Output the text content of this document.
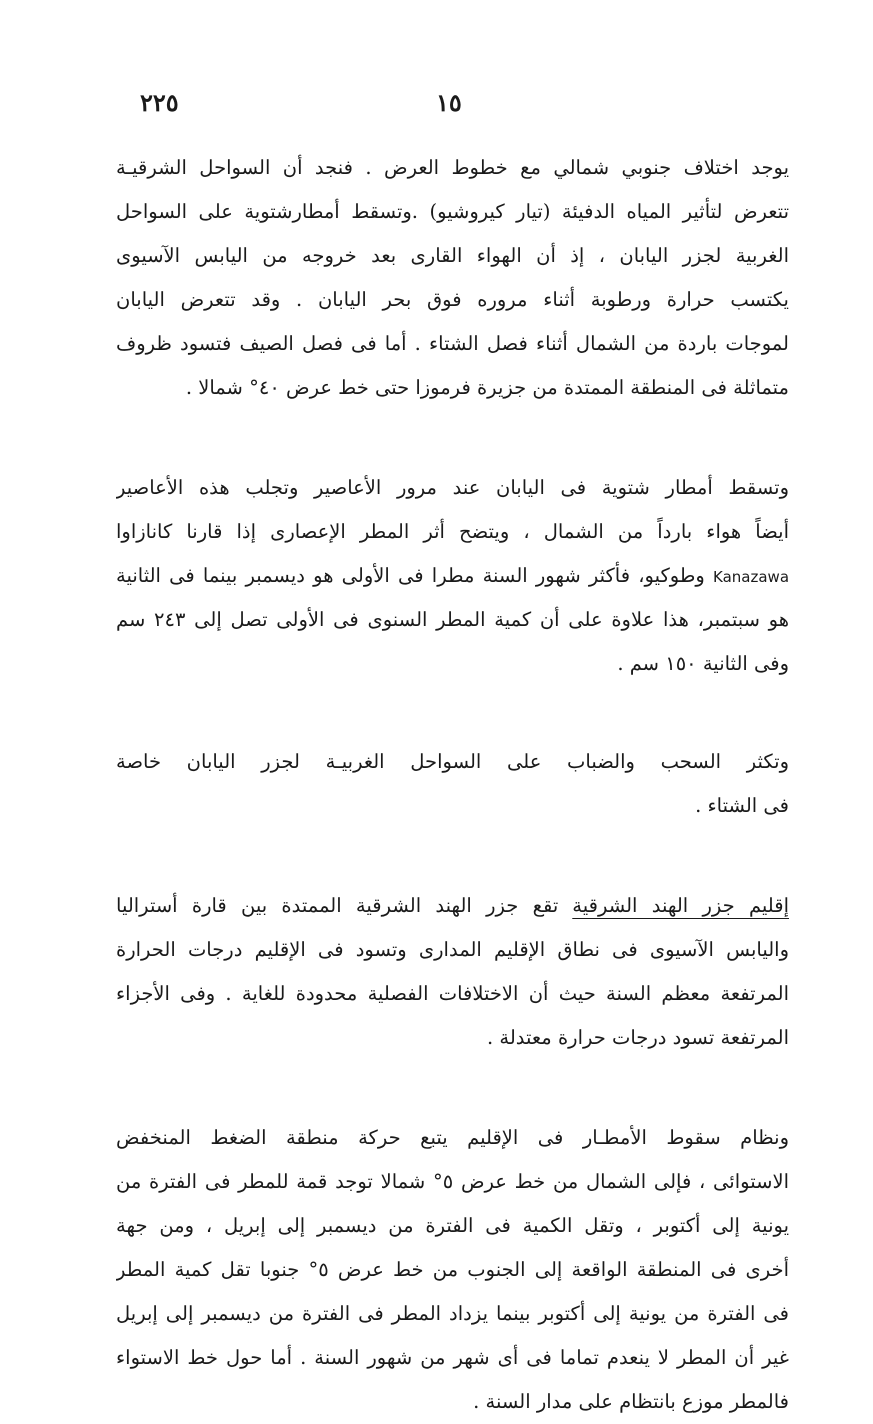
٢٢٥	١٥
يوجد اختلاف جنوبي شمالي مع خطوط العرض . فنجد أن السواحل الشرقيـة
تتعرض لتأثير المياه الدفيئة (تيار كيروشيو) .وتسقط أمطارشتوية على السواحل
الغربية لجزر اليابان ، إذ أن الهواء القارى بعد خروجه من اليابس الآسيوى
يكتسب حرارة ورطوبة أثناء مروره فوق بحر اليابان . وقد تتعرض اليابان
لموجات باردة من الشمال أثناء فصل الشتاء . أما فى فصل الصيف فتسود ظروف
متماثلة فى المنطقة الممتدة من جزيرة فرموزا حتى خط عرض ٤٠° شمالا .
وتسقط أمطار شتوية فى اليابان عند مرور الأعاصير وتجلب هذه الأعاصير
أيضاً هواء بارداً من الشمال ، ويتضح أثر المطر الإعصارى إذا قارنا كانازاوا
Kanazawa وطوكيو، فأكثر شهور السنة مطرا فى الأولى هو ديسمبر بينما فى الثانية
هو سبتمبر، هذا علاوة على أن كمية المطر السنوى فى الأولى تصل إلى ٢٤٣ سم
وفى الثانية ١٥٠ سم .
وتكثر السحب والضباب على السواحل الغربيـة لجزر اليابان خاصة
فى الشتاء .
إقليم جزر الهند الشرقيةتقع جزر الهند الشرقية الممتدة بين قارة أستراليا
واليابس الآسيوى فى نطاق الإقليم المدارى وتسود فى الإقليم درجات الحرارة
المرتفعة معظم السنة حيث أن الاختلافات الفصلية محدودة للغاية . وفى الأجزاء
المرتفعة تسود درجات حرارة معتدلة .
ونظام سقوط الأمطـار فى الإقليم يتبع حركة منطقة الضغط المنخفض
الاستوائى ، فإلى الشمال من خط عرض ٥° شمالا توجد قمة للمطر فى الفترة من
يونية إلى أكتوبر ، وتقل الكمية فى الفترة من ديسمبر إلى إبريل ، ومن جهة
أخرى فى المنطقة الواقعة إلى الجنوب من خط عرض ٥° جنوبا تقل كمية المطر
فى الفترة من يونية إلى أكتوبر بينما يزداد المطر فى الفترة من ديسمبر إلى إبريل
غير أن المطر لا ينعدم تماما فى أى شهر من شهور السنة . أما حول خط الاستواء
فالمطر موزع بانتظام على مدار السنة .
